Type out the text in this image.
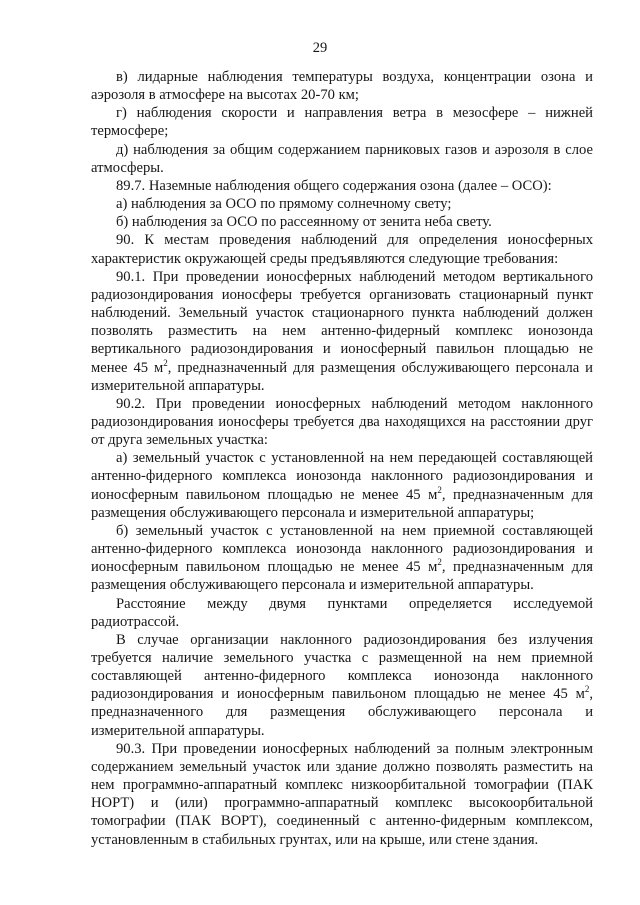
29

в) лидарные наблюдения температуры воздуха, концентрации озона и аэрозоля в атмосфере на высотах 20-70 км;

г) наблюдения скорости и направления ветра в мезосфере – нижней термосфере;

д) наблюдения за общим содержанием парниковых газов и аэрозоля в слое атмосферы.

89.7. Наземные наблюдения общего содержания озона (далее – ОСО):

а) наблюдения за ОСО по прямому солнечному свету;

б) наблюдения за ОСО по рассеянному от зенита неба свету.

90. К местам проведения наблюдений для определения ионосферных характеристик окружающей среды предъявляются следующие требования:

90.1. При проведении ионосферных наблюдений методом вертикального радиозондирования ионосферы требуется организовать стационарный пункт наблюдений. Земельный участок стационарного пункта наблюдений должен позволять разместить на нем антенно-фидерный комплекс ионозонда вертикального радиозондирования и ионосферный павильон площадью не менее 45 $м^2$, предназначенный для размещения обслуживающего персонала и измерительной аппаратуры.

90.2. При проведении ионосферных наблюдений методом наклонного радиозондирования ионосферы требуется два находящихся на расстоянии друг от друга земельных участка:

а) земельный участок с установленной на нем передающей составляющей антенно-фидерного комплекса ионозонда наклонного радиозондирования и ионосферным павильоном площадью не менее 45 $м^2$, предназначенным для размещения обслуживающего персонала и измерительной аппаратуры;

б) земельный участок с установленной на нем приемной составляющей антенно-фидерного комплекса ионозонда наклонного радиозондирования и ионосферным павильоном площадью не менее 45 $м^2$, предназначенным для размещения обслуживающего персонала и измерительной аппаратуры.

Расстояние между двумя пунктами определяется исследуемой радиотрассой.

В случае организации наклонного радиозондирования без излучения требуется наличие земельного участка с размещенной на нем приемной составляющей антенно-фидерного комплекса ионозонда наклонного радиозондирования и ионосферным павильоном площадью не менее 45 $м^2$, предназначенного для размещения обслуживающего персонала и измерительной аппаратуры.

90.3. При проведении ионосферных наблюдений за полным электронным содержанием земельный участок или здание должно позволять разместить на нем программно-аппаратный комплекс низкоорбитальной томографии (ПАК НОРТ) и (или) программно-аппаратный комплекс высокоорбитальной томографии (ПАК ВОРТ), соединенный с антенно-фидерным комплексом, установленным в стабильных грунтах, или на крыше, или стене здания.
